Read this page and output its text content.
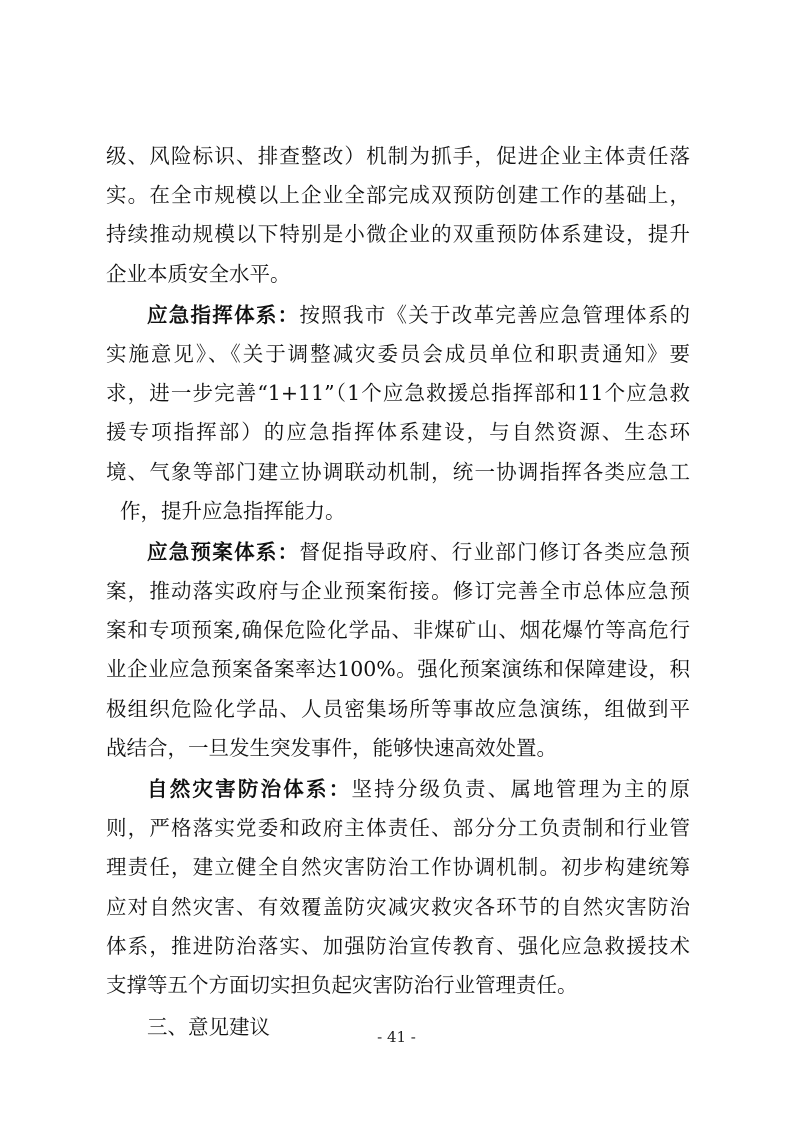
级、风险标识、排查整改）机制为抓手，促进企业主体责任落
实。在全市规模以上企业全部完成双预防创建工作的基础上，
持续推动规模以下特别是小微企业的双重预防体系建设，提升
企业本质安全水平。
应急指挥体系：按照我市《关于改革完善应急管理体系的
实施意见》、《关于调整减灾委员会成员单位和职责通知》要
求，进一步完善“1+11”（1个应急救援总指挥部和11个应急救
援专项指挥部）的应急指挥体系建设，与自然资源、生态环
境、气象等部门建立协调联动机制，统一协调指挥各类应急工
作，提升应急指挥能力。
应急预案体系：督促指导政府、行业部门修订各类应急预
案，推动落实政府与企业预案衔接。修订完善全市总体应急预
案和专项预案,确保危险化学品、非煤矿山、烟花爆竹等高危行
业企业应急预案备案率达100%。强化预案演练和保障建设，积
极组织危险化学品、人员密集场所等事故应急演练，组做到平
战结合，一旦发生突发事件，能够快速高效处置。
自然灾害防治体系：坚持分级负责、属地管理为主的原
则，严格落实党委和政府主体责任、部分分工负责制和行业管
理责任，建立健全自然灾害防治工作协调机制。初步构建统筹
应对自然灾害、有效覆盖防灾减灾救灾各环节的自然灾害防治
体系，推进防治落实、加强防治宣传教育、强化应急救援技术
支撑等五个方面切实担负起灾害防治行业管理责任。
三、意见建议	- 41 -
